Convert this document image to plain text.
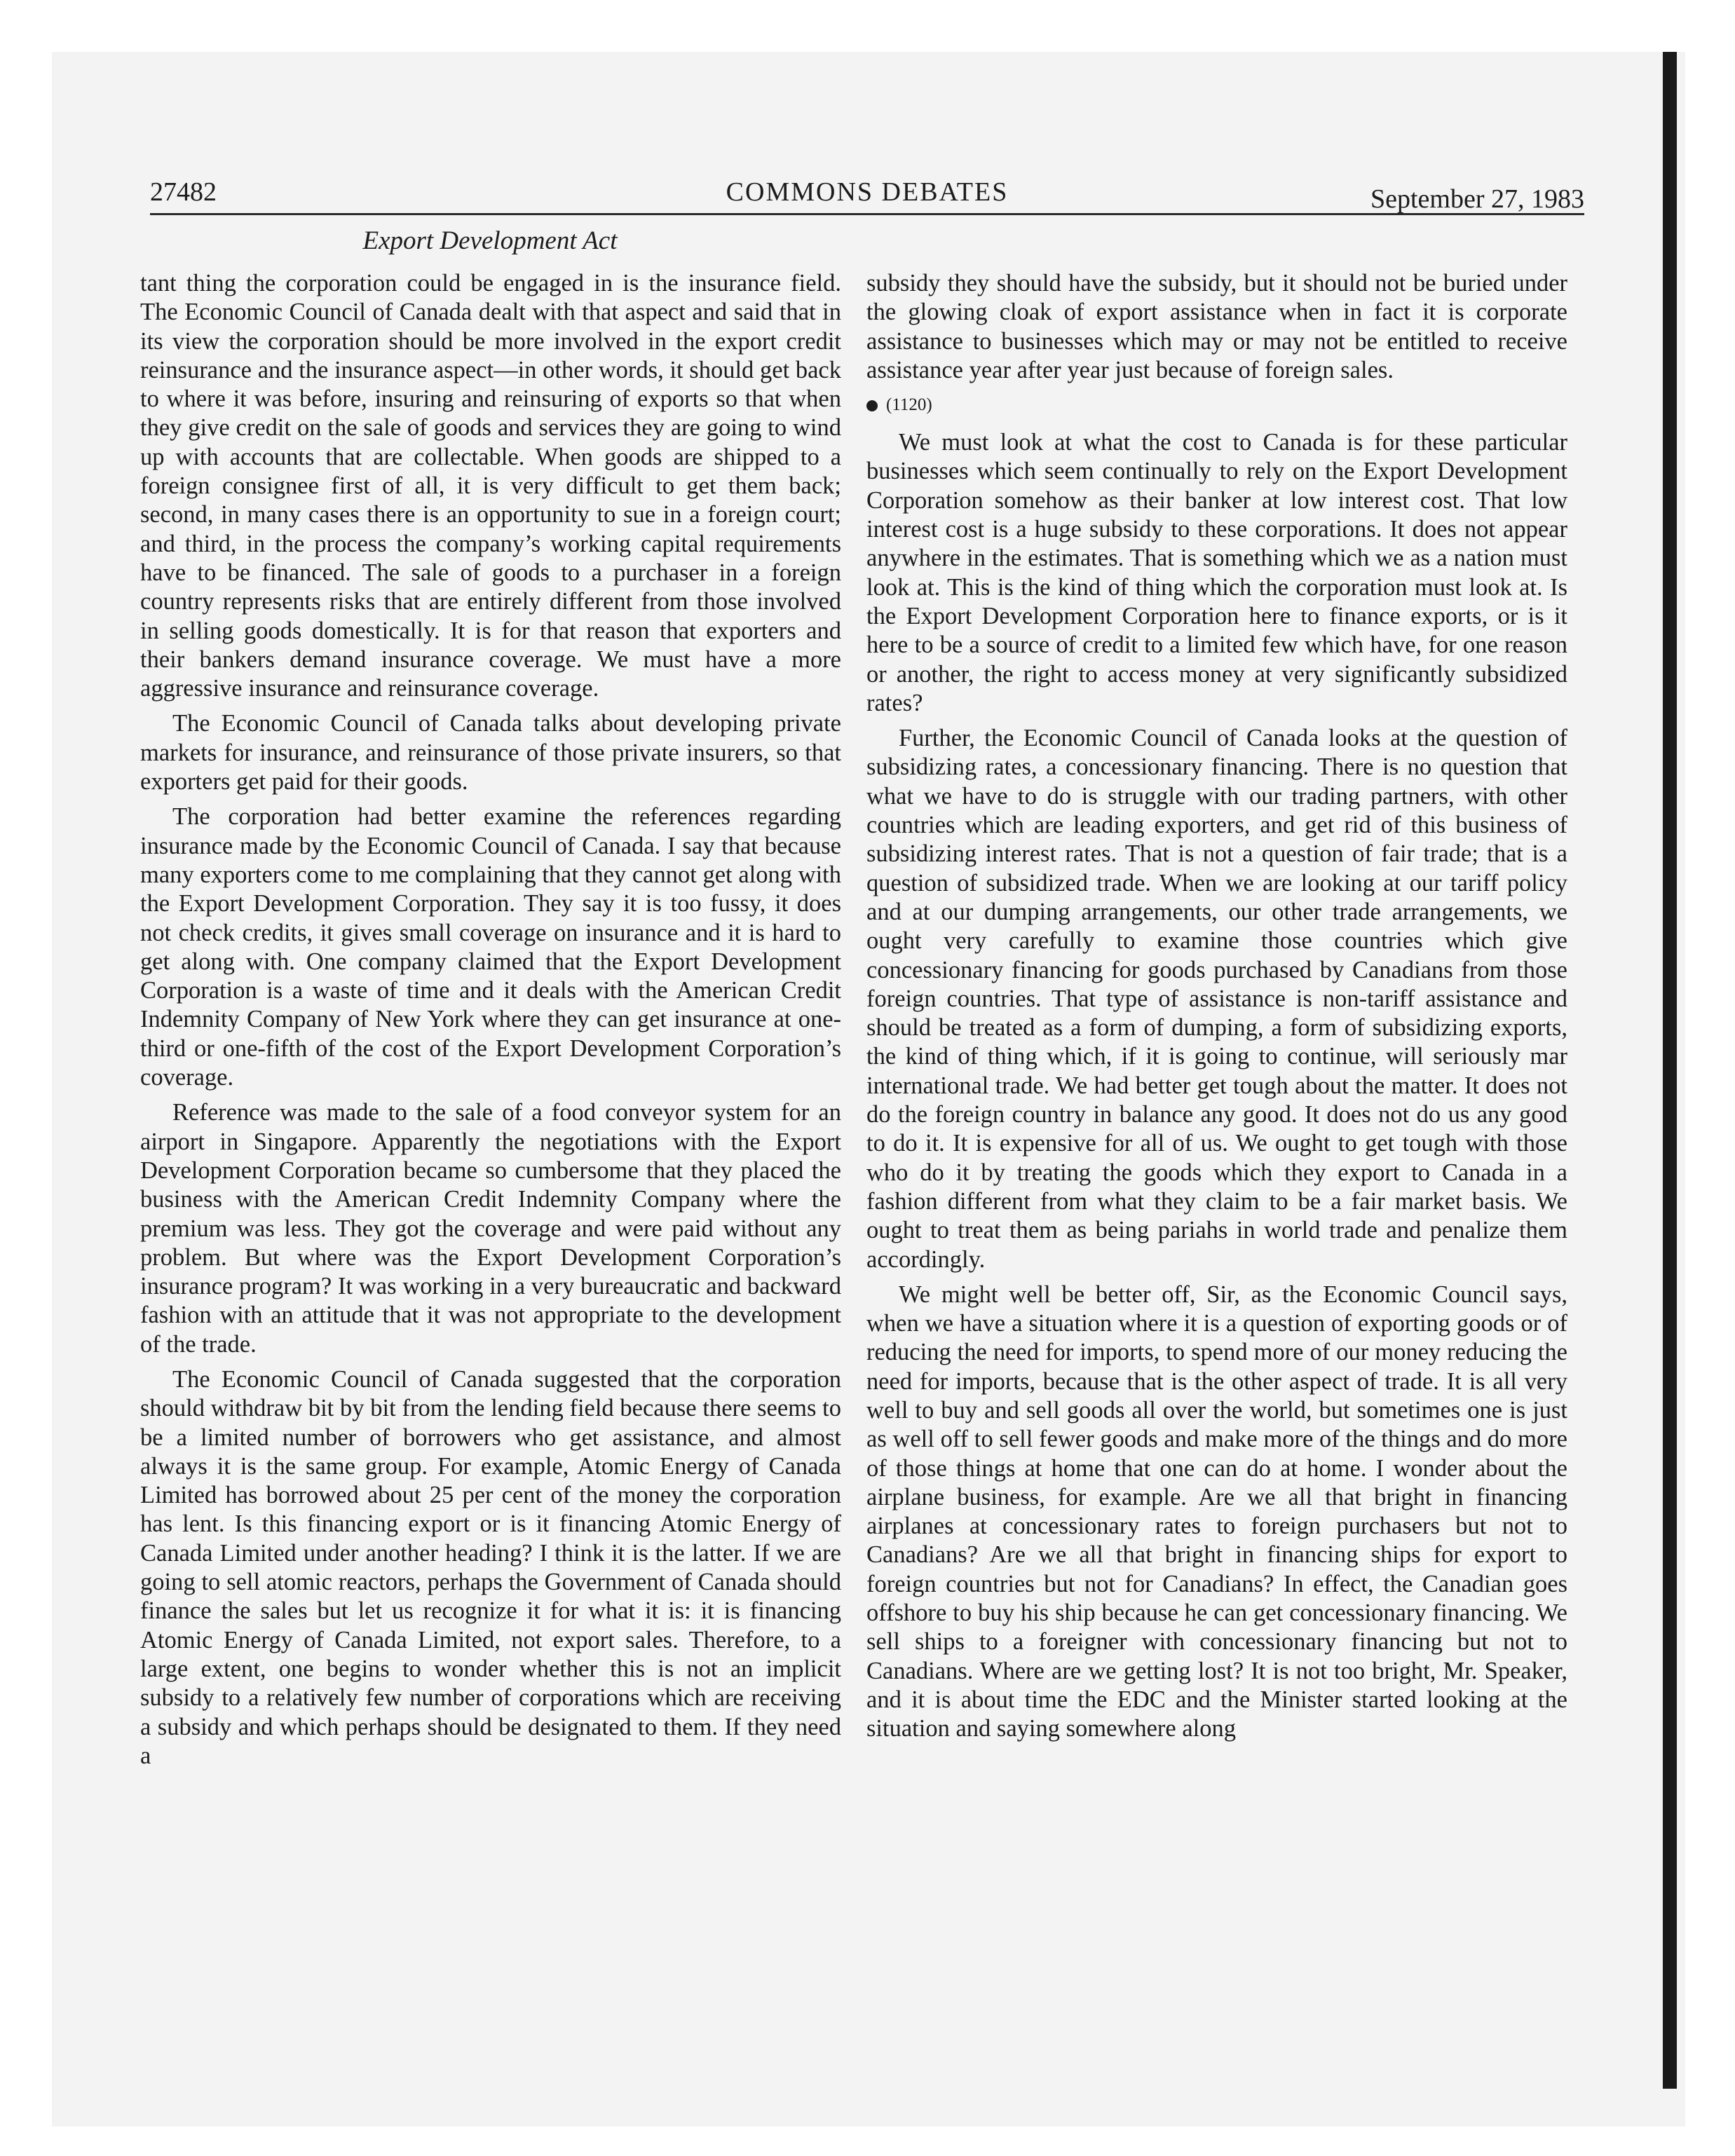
27482	COMMONS DEBATES	September 27, 1983
Export Development Act

tant thing the corporation could be engaged in is the insurance field. The Economic Council of Canada dealt with that aspect and said that in its view the corporation should be more involved in the export credit reinsurance and the insurance aspect—in other words, it should get back to where it was before, insuring and reinsuring of exports so that when they give credit on the sale of goods and services they are going to wind up with accounts that are collectable. When goods are shipped to a foreign consignee first of all, it is very difficult to get them back; second, in many cases there is an opportunity to sue in a foreign court; and third, in the process the company’s working capital requirements have to be financed. The sale of goods to a purchaser in a foreign country represents risks that are entirely different from those involved in selling goods domestically. It is for that reason that exporters and their bankers demand insurance coverage. We must have a more aggressive insurance and reinsurance coverage.

The Economic Council of Canada talks about developing private markets for insurance, and reinsurance of those private insurers, so that exporters get paid for their goods.

The corporation had better examine the references regarding insurance made by the Economic Council of Canada. I say that because many exporters come to me complaining that they cannot get along with the Export Development Corporation. They say it is too fussy, it does not check credits, it gives small coverage on insurance and it is hard to get along with. One company claimed that the Export Development Corporation is a waste of time and it deals with the American Credit Indemnity Company of New York where they can get insurance at one-third or one-fifth of the cost of the Export Development Corporation’s coverage.

Reference was made to the sale of a food conveyor system for an airport in Singapore. Apparently the negotiations with the Export Development Corporation became so cumbersome that they placed the business with the American Credit Indemnity Company where the premium was less. They got the coverage and were paid without any problem. But where was the Export Development Corporation’s insurance program? It was working in a very bureaucratic and backward fashion with an attitude that it was not appropriate to the development of the trade.

The Economic Council of Canada suggested that the corporation should withdraw bit by bit from the lending field because there seems to be a limited number of borrowers who get assistance, and almost always it is the same group. For example, Atomic Energy of Canada Limited has borrowed about 25 per cent of the money the corporation has lent. Is this financing export or is it financing Atomic Energy of Canada Limited under another heading? I think it is the latter. If we are going to sell atomic reactors, perhaps the Government of Canada should finance the sales but let us recognize it for what it is: it is financing Atomic Energy of Canada Limited, not export sales. Therefore, to a large extent, one begins to wonder whether this is not an implicit subsidy to a relatively few number of corporations which are receiving a subsidy and which perhaps should be designated to them. If they need a

subsidy they should have the subsidy, but it should not be buried under the glowing cloak of export assistance when in fact it is corporate assistance to businesses which may or may not be entitled to receive assistance year after year just because of foreign sales.

(1120)

We must look at what the cost to Canada is for these particular businesses which seem continually to rely on the Export Development Corporation somehow as their banker at low interest cost. That low interest cost is a huge subsidy to these corporations. It does not appear anywhere in the estimates. That is something which we as a nation must look at. This is the kind of thing which the corporation must look at. Is the Export Development Corporation here to finance exports, or is it here to be a source of credit to a limited few which have, for one reason or another, the right to access money at very significantly subsidized rates?

Further, the Economic Council of Canada looks at the question of subsidizing rates, a concessionary financing. There is no question that what we have to do is struggle with our trading partners, with other countries which are leading exporters, and get rid of this business of subsidizing interest rates. That is not a question of fair trade; that is a question of subsidized trade. When we are looking at our tariff policy and at our dumping arrangements, our other trade arrangements, we ought very carefully to examine those countries which give concessionary financing for goods purchased by Canadians from those foreign countries. That type of assistance is non-tariff assistance and should be treated as a form of dumping, a form of subsidizing exports, the kind of thing which, if it is going to continue, will seriously mar international trade. We had better get tough about the matter. It does not do the foreign country in balance any good. It does not do us any good to do it. It is expensive for all of us. We ought to get tough with those who do it by treating the goods which they export to Canada in a fashion different from what they claim to be a fair market basis. We ought to treat them as being pariahs in world trade and penalize them accordingly.

We might well be better off, Sir, as the Economic Council says, when we have a situation where it is a question of exporting goods or of reducing the need for imports, to spend more of our money reducing the need for imports, because that is the other aspect of trade. It is all very well to buy and sell goods all over the world, but sometimes one is just as well off to sell fewer goods and make more of the things and do more of those things at home that one can do at home. I wonder about the airplane business, for example. Are we all that bright in financing airplanes at concessionary rates to foreign purchasers but not to Canadians? Are we all that bright in financing ships for export to foreign countries but not for Canadians? In effect, the Canadian goes offshore to buy his ship because he can get concessionary financing. We sell ships to a foreigner with concessionary financing but not to Canadians. Where are we getting lost? It is not too bright, Mr. Speaker, and it is about time the EDC and the Minister started looking at the situation and saying somewhere along
